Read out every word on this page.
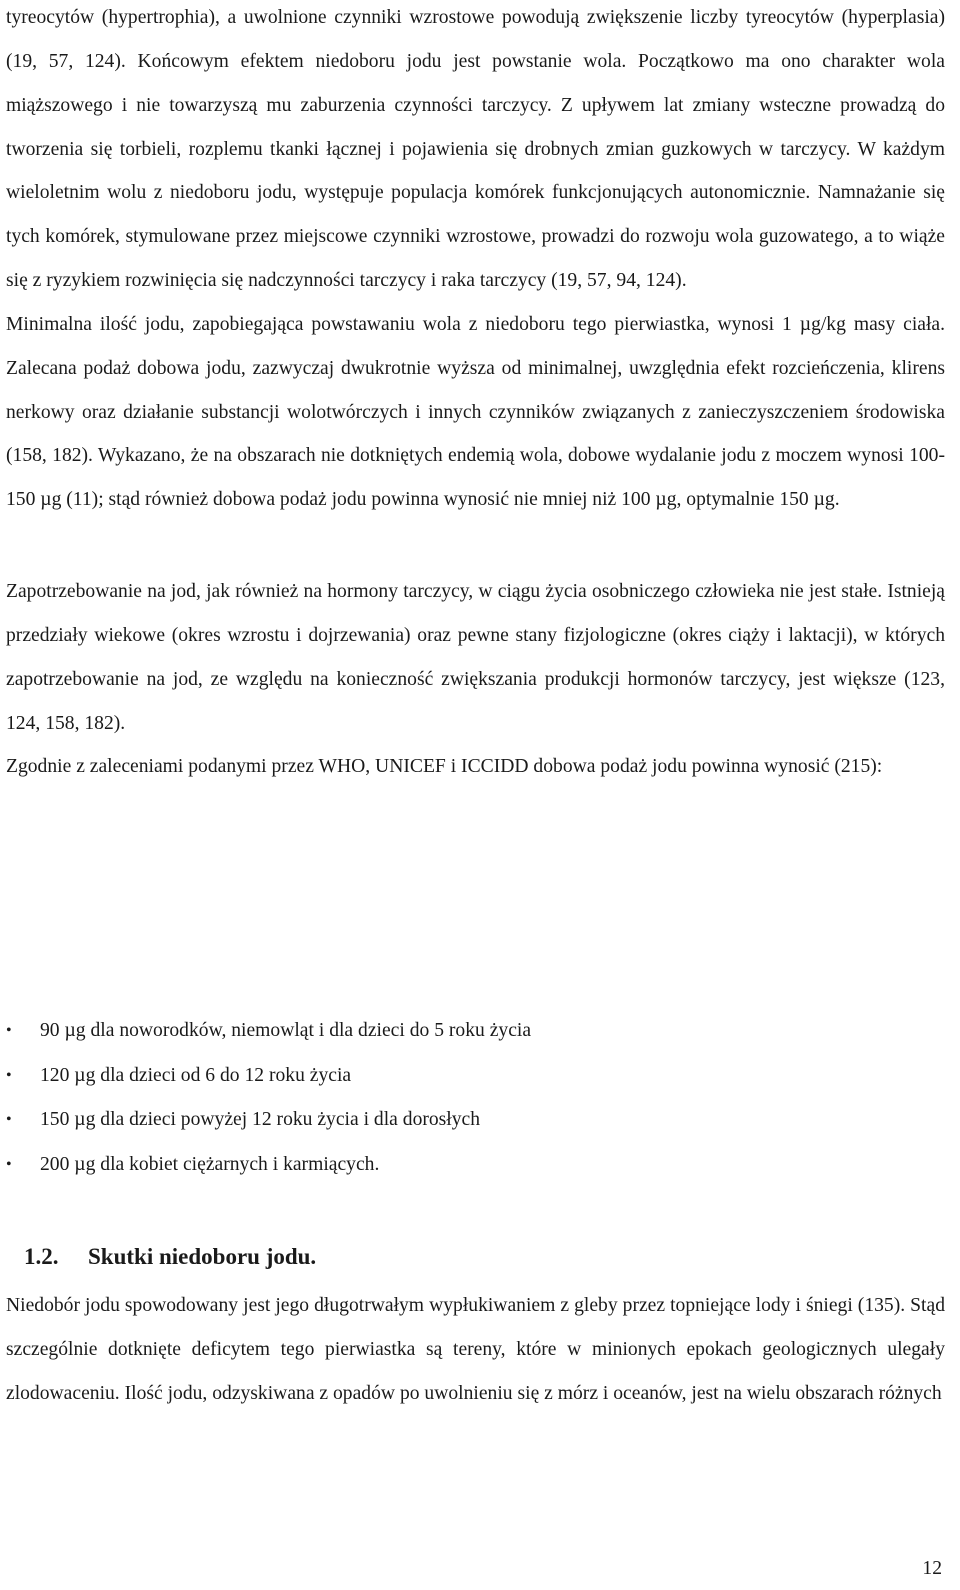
tyreocytów (hypertrophia), a uwolnione czynniki wzrostowe powodują zwiększenie liczby tyreocytów (hyperplasia) (19, 57, 124). Końcowym efektem niedoboru jodu jest powstanie wola. Początkowo ma ono charakter wola miąższowego i nie towarzyszą mu zaburzenia czynności tarczycy. Z upływem lat zmiany wsteczne prowadzą do tworzenia się torbieli, rozplemu tkanki łącznej i pojawienia się drobnych zmian guzkowych w tarczycy. W każdym wieloletnim wolu z niedoboru jodu, występuje populacja komórek funkcjonujących autonomicznie. Namnażanie się tych komórek, stymulowane przez miejscowe czynniki wzrostowe, prowadzi do rozwoju wola guzowatego, a to wiąże się z ryzykiem rozwinięcia się nadczynności tarczycy i raka tarczycy (19, 57, 94, 124).

Minimalna ilość jodu, zapobiegająca powstawaniu wola z niedoboru tego pierwiastka, wynosi 1 µg/kg masy ciała. Zalecana podaż dobowa jodu, zazwyczaj dwukrotnie wyższa od minimalnej, uwzględnia efekt rozcieńczenia, klirens nerkowy oraz działanie substancji wolotwórczych i innych czynników związanych z zanieczyszczeniem środowiska (158, 182). Wykazano, że na obszarach nie dotkniętych endemią wola, dobowe wydalanie jodu z moczem wynosi 100-150 µg (11); stąd również dobowa podaż jodu powinna wynosić nie mniej niż 100 µg, optymalnie 150 µg.

Zapotrzebowanie na jod, jak również na hormony tarczycy, w ciągu życia osobniczego człowieka nie jest stałe. Istnieją przedziały wiekowe (okres wzrostu i dojrzewania) oraz pewne stany fizjologiczne (okres ciąży i laktacji), w których zapotrzebowanie na jod, ze względu na konieczność zwiększania produkcji hormonów tarczycy, jest większe (123, 124, 158, 182).

Zgodnie z zaleceniami podanymi przez WHO, UNICEF i ICCIDD dobowa podaż jodu powinna wynosić (215):

• 90 µg dla noworodków, niemowląt i dla dzieci do 5 roku życia
• 120 µg dla dzieci od 6 do 12 roku życia
• 150 µg dla dzieci powyżej 12 roku życia i dla dorosłych
• 200 µg dla kobiet ciężarnych i karmiących.
1.2. Skutki niedoboru jodu.

Niedobór jodu spowodowany jest jego długotrwałym wypłukiwaniem z gleby przez topniejące lody i śniegi (135). Stąd szczególnie dotknięte deficytem tego pierwiastka są tereny, które w minionych epokach geologicznych ulegały zlodowaceniu. Ilość jodu, odzyskiwana z opadów po uwolnieniu się z mórz i oceanów, jest na wielu obszarach różnych

12
